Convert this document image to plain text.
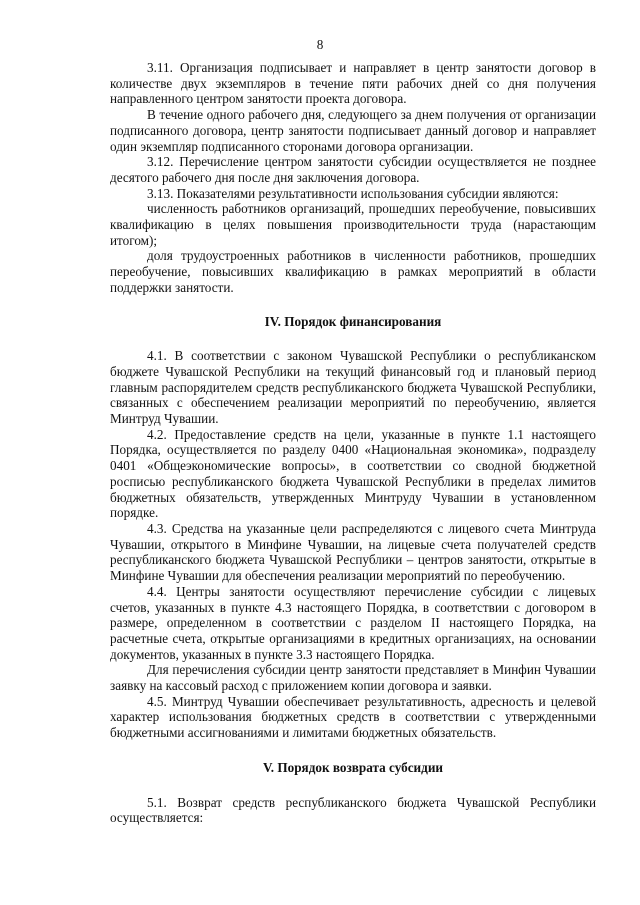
8

3.11. Организация подписывает и направляет в центр занятости договор в количестве двух экземпляров в течение пяти рабочих дней со дня получения направленного центром занятости проекта договора.

В течение одного рабочего дня, следующего за днем получения от организации подписанного договора, центр занятости подписывает данный договор и направляет один экземпляр подписанного сторонами договора организации.

3.12. Перечисление центром занятости субсидии осуществляется не позднее десятого рабочего дня после дня заключения договора.

3.13. Показателями результативности использования субсидии являются:

численность работников организаций, прошедших переобучение, повысивших квалификацию в целях повышения производительности труда (нарастающим итогом);

доля трудоустроенных работников в численности работников, прошедших переобучение, повысивших квалификацию в рамках мероприятий в области поддержки занятости.

IV. Порядок финансирования

4.1. В соответствии с законом Чувашской Республики о республиканском бюджете Чувашской Республики на текущий финансовый год и плановый период главным распорядителем средств республиканского бюджета Чувашской Республики, связанных с обеспечением реализации мероприятий по переобучению, является Минтруд Чувашии.

4.2. Предоставление средств на цели, указанные в пункте 1.1 настоящего Порядка, осуществляется по разделу 0400 «Национальная экономика», подразделу 0401 «Общеэкономические вопросы», в соответствии со сводной бюджетной росписью республиканского бюджета Чувашской Республики в пределах лимитов бюджетных обязательств, утвержденных Минтруду Чувашии в установленном порядке.

4.3. Средства на указанные цели распределяются с лицевого счета Минтруда Чувашии, открытого в Минфине Чувашии, на лицевые счета получателей средств республиканского бюджета Чувашской Республики – центров занятости, открытые в Минфине Чувашии для обеспечения реализации мероприятий по переобучению.

4.4. Центры занятости осуществляют перечисление субсидии с лицевых счетов, указанных в пункте 4.3 настоящего Порядка, в соответствии с договором в размере, определенном в соответствии с разделом II настоящего Порядка, на расчетные счета, открытые организациями в кредитных организациях, на основании документов, указанных в пункте 3.3 настоящего Порядка.

Для перечисления субсидии центр занятости представляет в Минфин Чувашии заявку на кассовый расход с приложением копии договора и заявки.

4.5. Минтруд Чувашии обеспечивает результативность, адресность и целевой характер использования бюджетных средств в соответствии с утвержденными бюджетными ассигнованиями и лимитами бюджетных обязательств.

V. Порядок возврата субсидии

5.1. Возврат средств республиканского бюджета Чувашской Республики осуществляется:
